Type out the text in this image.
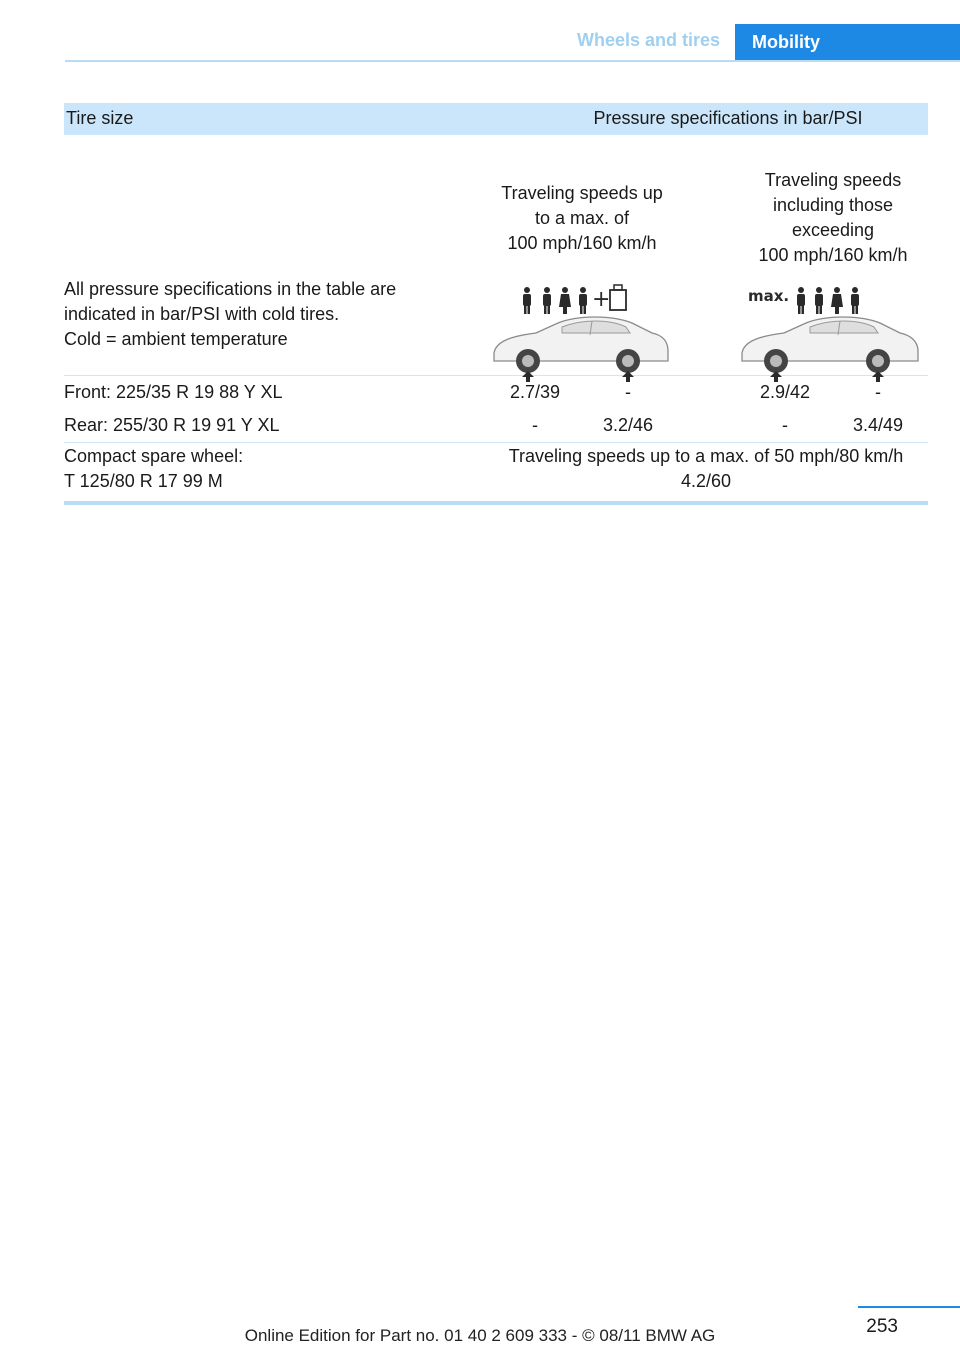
Wheels and tires	Mobility
Tire size	Pressure specifications in bar/PSI
All pressure specifications in the table are
indicated in bar/PSI with cold tires.
Cold = ambient temperature
Traveling speeds up
to a max. of
100 mph/160 km/h
Traveling speeds
including those
exceeding
100 mph/160 km/h
+	max.
Front: 225/35 R 19 88 Y XL	2.7/39	-	2.9/42	-
Rear: 255/30 R 19 91 Y XL	-	3.2/46	-	3.4/49
Compact spare wheel:
T 125/80 R 17 99 M
Traveling speeds up to a max. of 50 mph/80 km/h
4.2/60
253
Online Edition for Part no. 01 40 2 609 333 - © 08/11 BMW AG
